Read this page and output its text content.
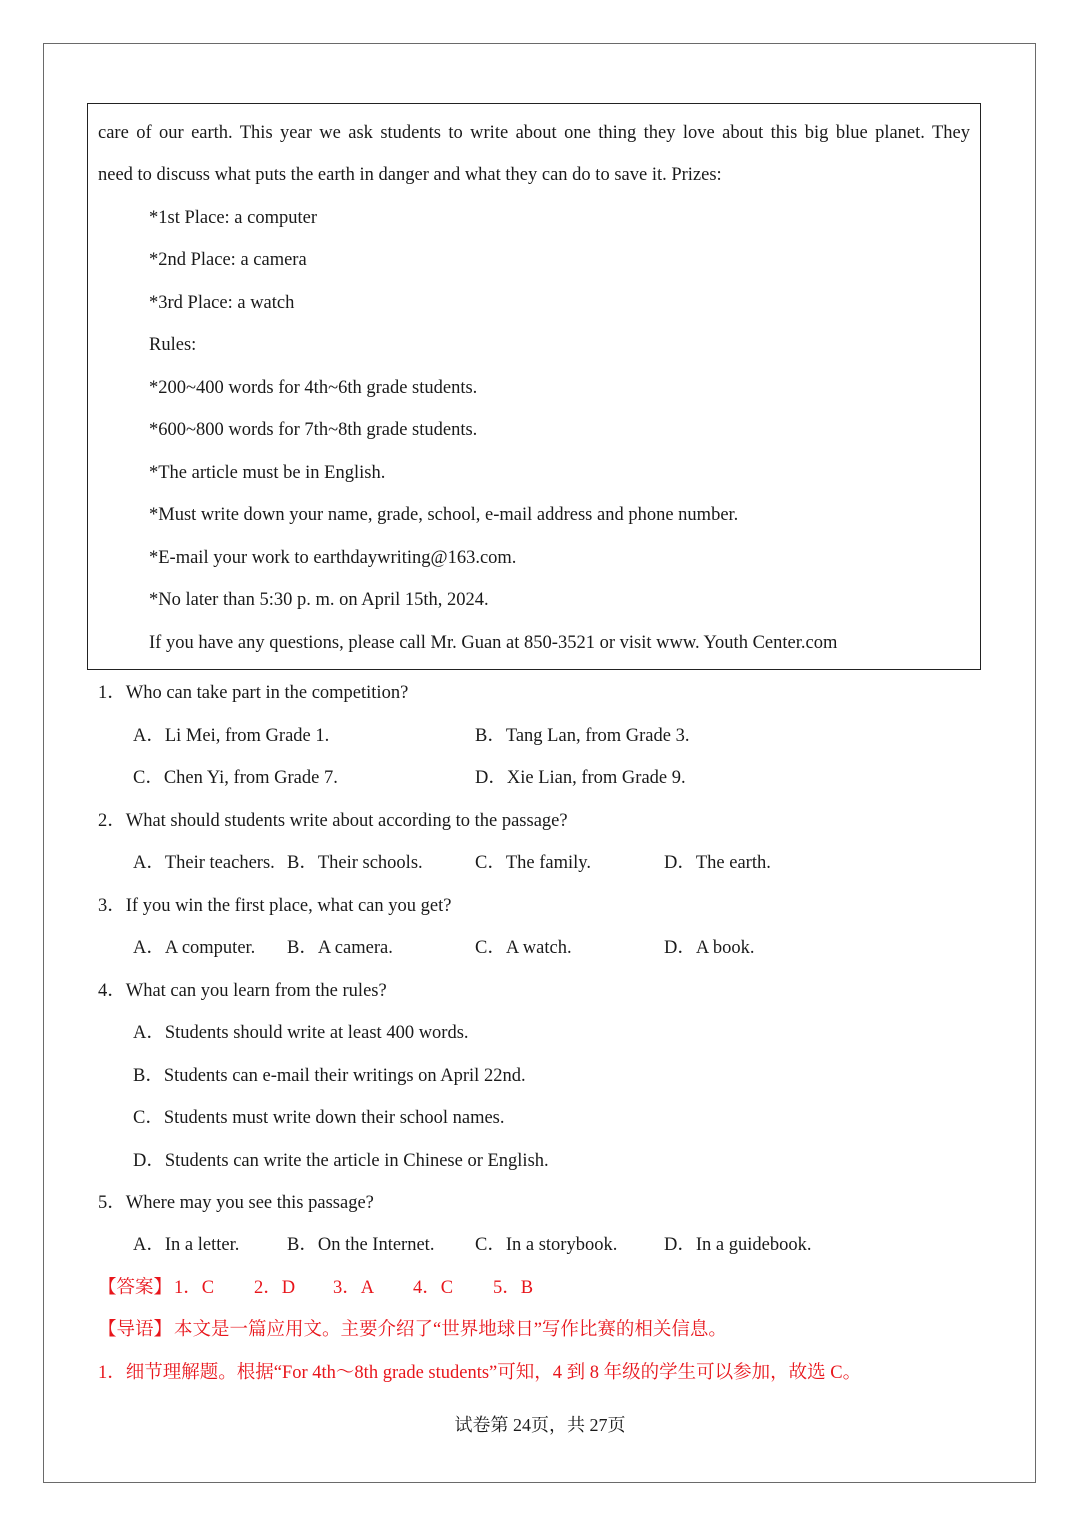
care of our earth. This year we ask students to write about one thing they love about this big blue planet. They
need to discuss what puts the earth in danger and what they can do to save it. Prizes:
*1st Place: a computer
*2nd Place: a camera
*3rd Place: a watch
Rules:
*200~400 words for 4th~6th grade students.
*600~800 words for 7th~8th grade students.
*The article must be in English.
*Must write down your name, grade, school, e-mail address and phone number.
*E-mail your work to earthdaywriting@163.com.
*No later than 5:30 p. m. on April 15th, 2024.
If you have any questions, please call Mr. Guan at 850-3521 or visit www. Youth Center.com
1．Who can take part in the competition?
A．Li Mei, from Grade 1.	B．Tang Lan, from Grade 3.
C．Chen Yi, from Grade 7.	D．Xie Lian, from Grade 9.
2．What should students write about according to the passage?
A．Their teachers. B．Their schools.	C．The family.	D．The earth.
3．If you win the first place, what can you get?
A．A computer. B．A camera.	C．A watch.	D．A book.
4．What can you learn from the rules?
A．Students should write at least 400 words.
B．Students can e-mail their writings on April 22nd.
C．Students must write down their school names.
D．Students can write the article in Chinese or English.
5．Where may you see this passage?
A．In a letter.	B．On the Internet. C．In a storybook.	D．In a guidebook.
【答案】 1．C 2．D 3．A 4．C 5．B
【导语】 本文是一篇应用文。主要介绍了“世界地球日”写作比赛的相关信息。
1．细节理解题。根据“For 4th～8th grade students”可知，4 到 8 年级的学生可以参加，故选 C。
试卷第 24页，共 27页
